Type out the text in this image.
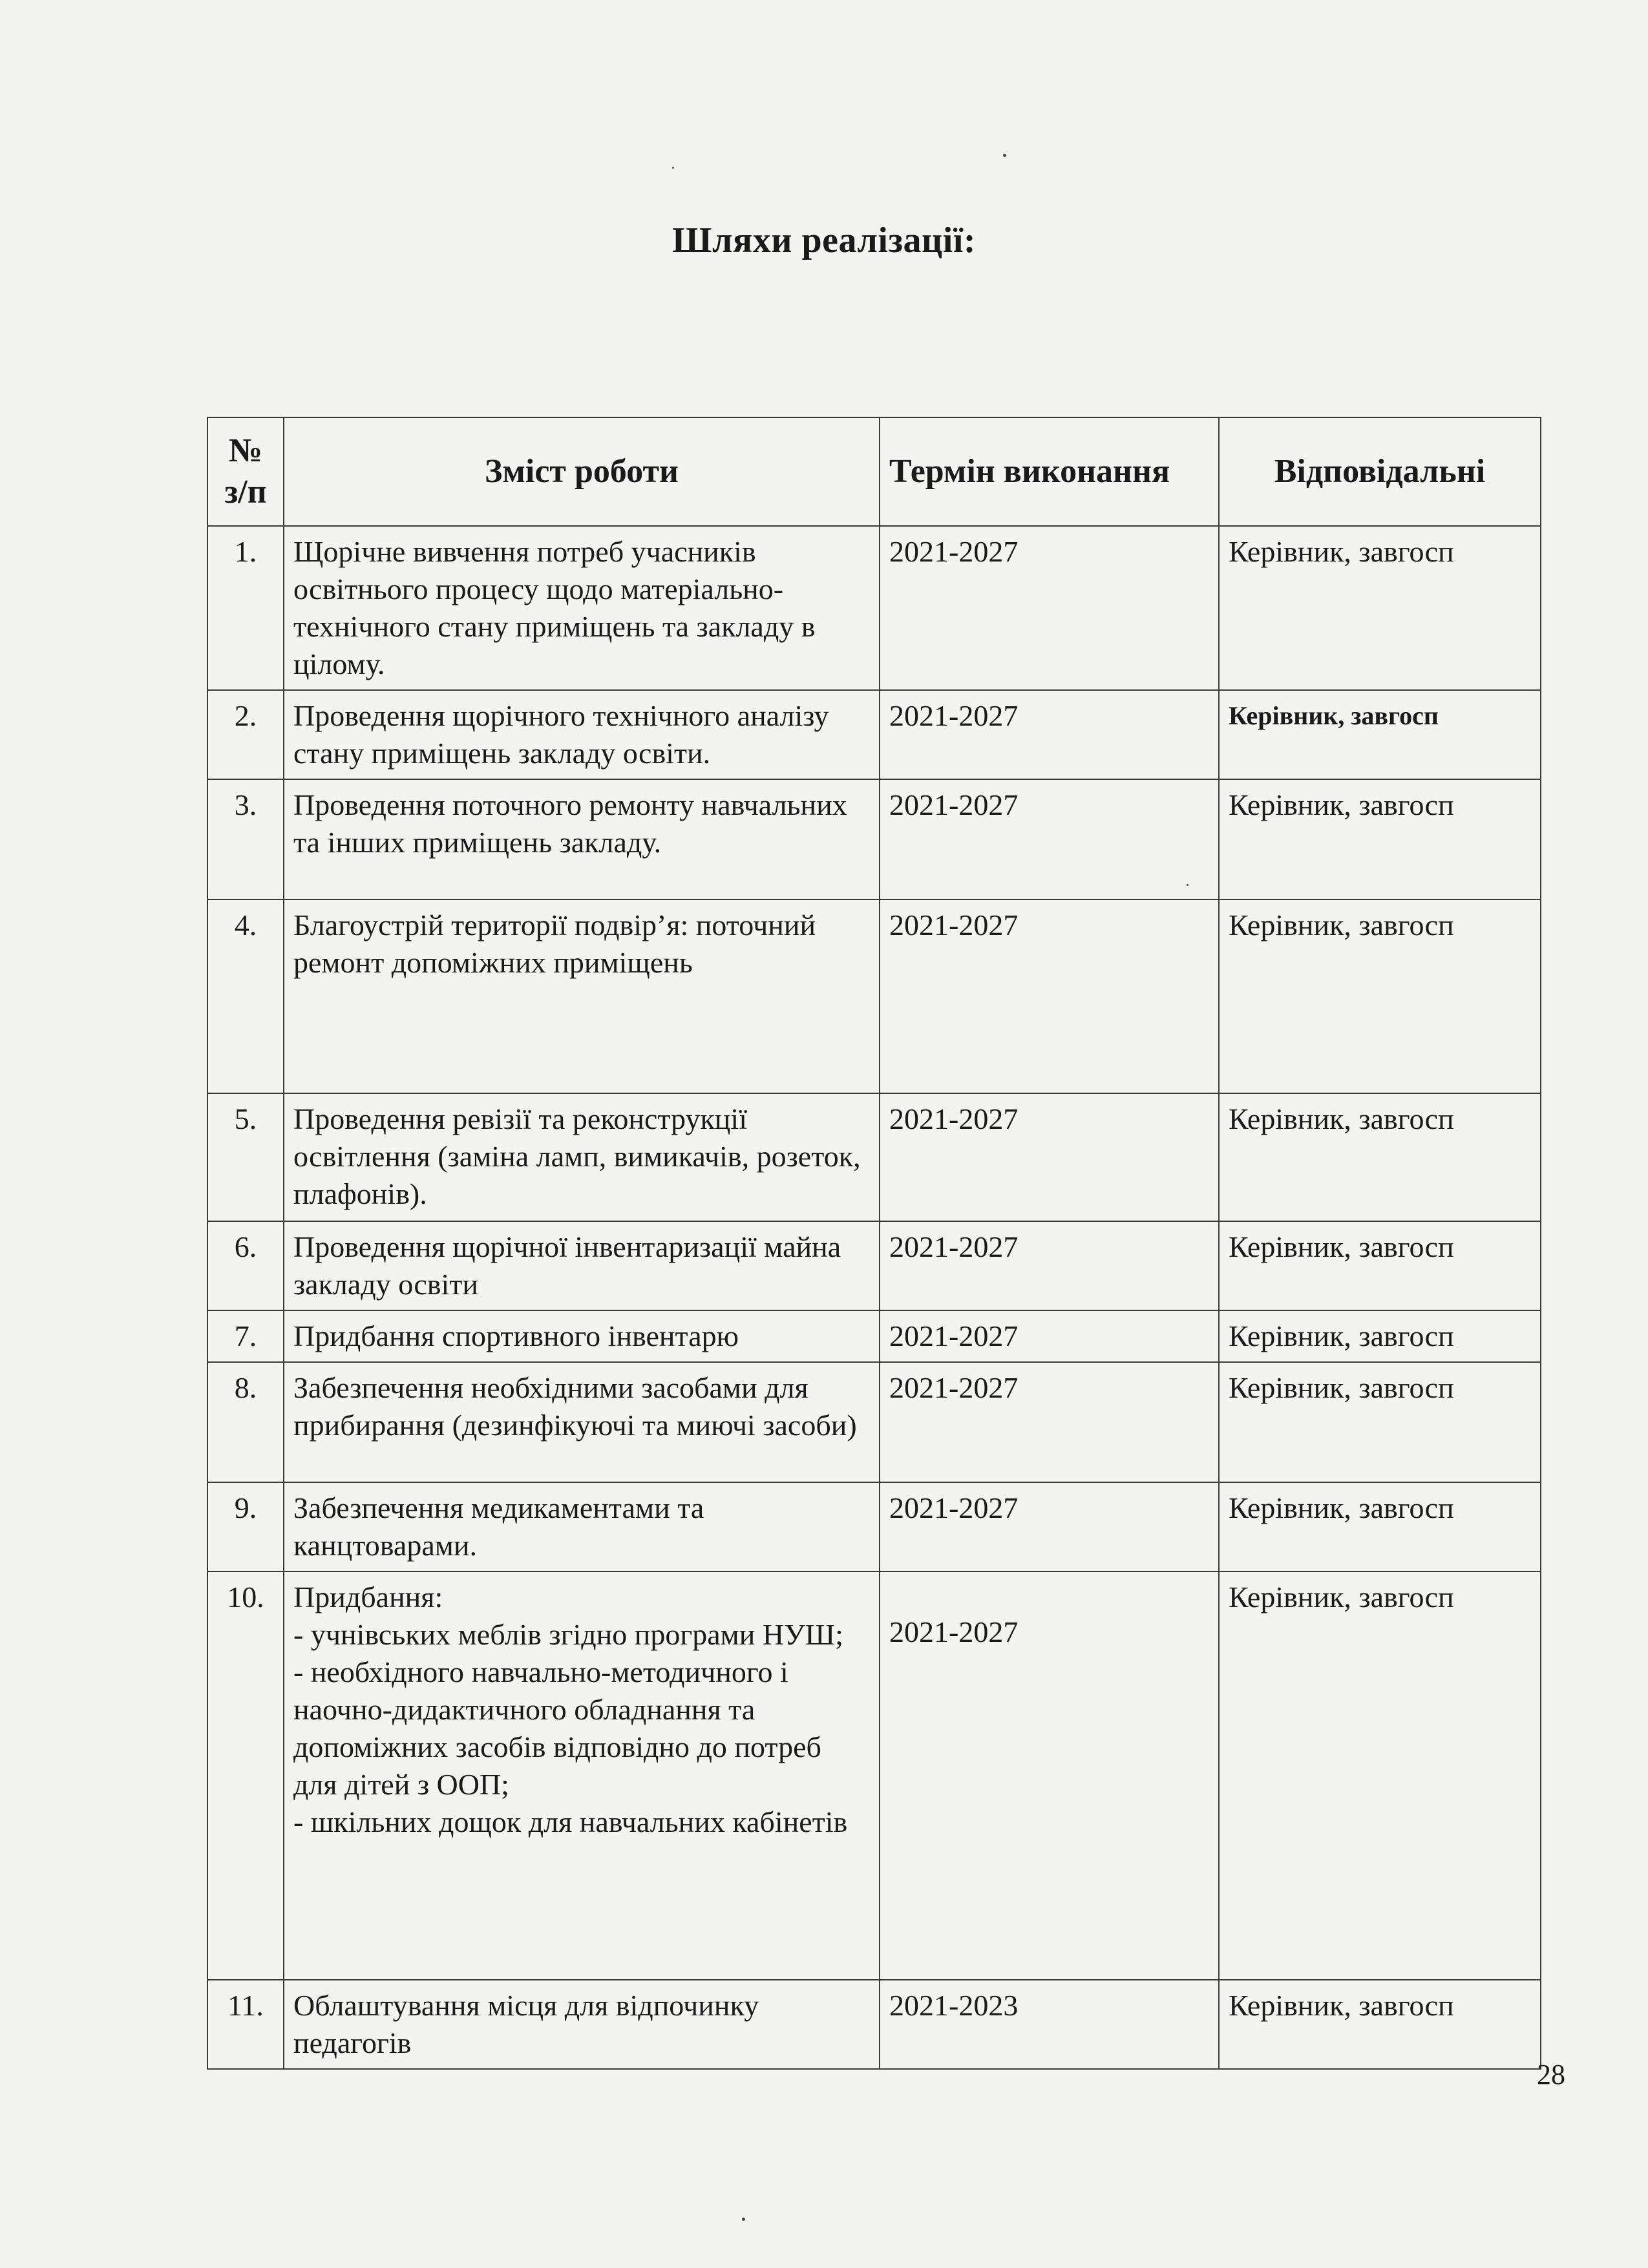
Шляхи реалізації:
№ з/п	Зміст роботи	Термін виконання	Відповідальні
1.	Щорічне вивчення потреб учасників освітнього процесу щодо матеріально-технічного стану приміщень та закладу в цілому.	2021-2027	Керівник, завгосп
2.	Проведення щорічного технічного аналізу стану приміщень закладу освіти.	2021-2027	Керівник, завгосп
3.	Проведення поточного ремонту навчальних та інших приміщень закладу.	2021-2027	Керівник, завгосп
4.	Благоустрій території подвір’я: поточний ремонт допоміжних приміщень	2021-2027	Керівник, завгосп
5.	Проведення ревізії та реконструкції освітлення (заміна ламп, вимикачів, розеток, плафонів).	2021-2027	Керівник, завгосп
6.	Проведення щорічної інвентаризації майна закладу освіти	2021-2027	Керівник, завгосп
7.	Придбання спортивного інвентарю	2021-2027	Керівник, завгосп
8.	Забезпечення необхідними засобами для прибирання (дезинфікуючі та миючі засоби)	2021-2027	Керівник, завгосп
9.	Забезпечення медикаментами та канцтоварами.	2021-2027	Керівник, завгосп
10.	Придбання:
- учнівських меблів згідно програми НУШ;
- необхідного навчально-методичного і наочно-дидактичного обладнання та допоміжних засобів відповідно до потреб для дітей з ООП;
- шкільних дощок для навчальних кабінетів	2021-2027	Керівник, завгосп
11.	Облаштування місця для відпочинку педагогів	2021-2023	Керівник, завгосп
28
